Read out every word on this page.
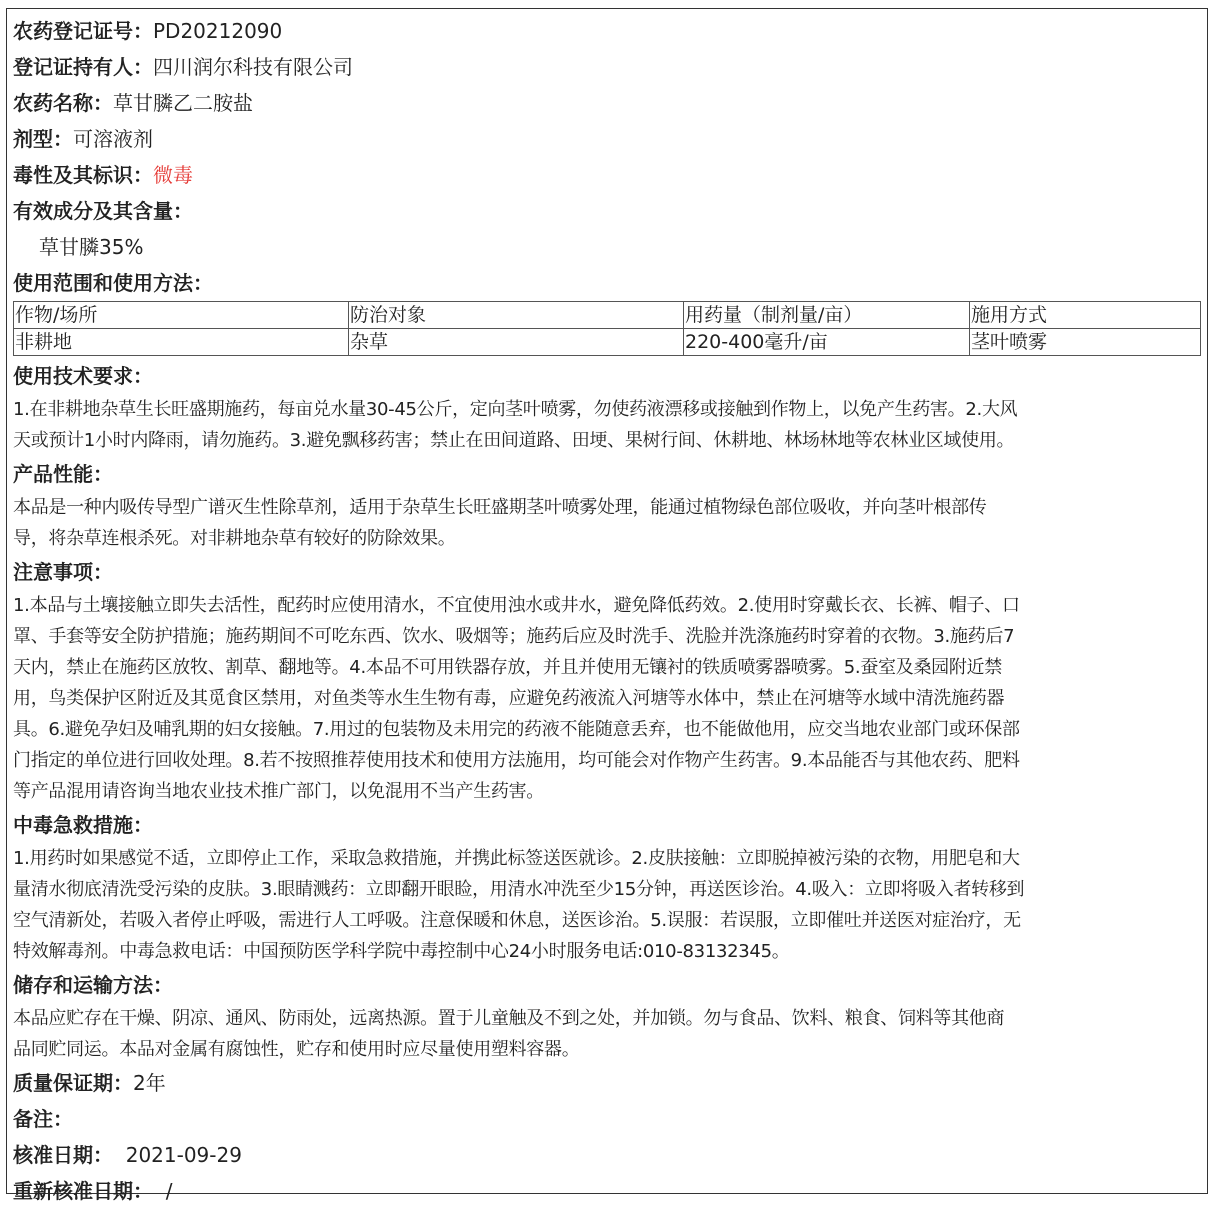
农药登记证号：PD20212090
登记证持有人：四川润尔科技有限公司
农药名称：草甘膦乙二胺盐
剂型：可溶液剂
毒性及其标识：微毒
有效成分及其含量：
草甘膦35%
使用范围和使用方法：
作物/场所	防治对象	用药量（制剂量/亩）	施用方式
非耕地	杂草	220-400毫升/亩	茎叶喷雾
使用技术要求：
1.在非耕地杂草生长旺盛期施药，每亩兑水量30-45公斤，定向茎叶喷雾，勿使药液漂移或接触到作物上，以免产生药害。2.大风
天或预计1小时内降雨，请勿施药。3.避免飘移药害；禁止在田间道路、田埂、果树行间、休耕地、林场林地等农林业区域使用。
产品性能：
本品是一种内吸传导型广谱灭生性除草剂，适用于杂草生长旺盛期茎叶喷雾处理，能通过植物绿色部位吸收，并向茎叶根部传
导，将杂草连根杀死。对非耕地杂草有较好的防除效果。
注意事项：
1.本品与土壤接触立即失去活性，配药时应使用清水，不宜使用浊水或井水，避免降低药效。2.使用时穿戴长衣、长裤、帽子、口
罩、手套等安全防护措施；施药期间不可吃东西、饮水、吸烟等；施药后应及时洗手、洗脸并洗涤施药时穿着的衣物。3.施药后7
天内，禁止在施药区放牧、割草、翻地等。4.本品不可用铁器存放，并且并使用无镶衬的铁质喷雾器喷雾。5.蚕室及桑园附近禁
用，鸟类保护区附近及其觅食区禁用，对鱼类等水生生物有毒，应避免药液流入河塘等水体中，禁止在河塘等水域中清洗施药器
具。6.避免孕妇及哺乳期的妇女接触。7.用过的包装物及未用完的药液不能随意丢弃，也不能做他用，应交当地农业部门或环保部
门指定的单位进行回收处理。8.若不按照推荐使用技术和使用方法施用，均可能会对作物产生药害。9.本品能否与其他农药、肥料
等产品混用请咨询当地农业技术推广部门，以免混用不当产生药害。
中毒急救措施：
1.用药时如果感觉不适，立即停止工作，采取急救措施，并携此标签送医就诊。2.皮肤接触：立即脱掉被污染的衣物，用肥皂和大
量清水彻底清洗受污染的皮肤。3.眼睛溅药：立即翻开眼睑，用清水冲洗至少15分钟，再送医诊治。4.吸入：立即将吸入者转移到
空气清新处，若吸入者停止呼吸，需进行人工呼吸。注意保暖和休息，送医诊治。5.误服：若误服，立即催吐并送医对症治疗，无
特效解毒剂。中毒急救电话：中国预防医学科学院中毒控制中心24小时服务电话:010-83132345。
储存和运输方法：
本品应贮存在干燥、阴凉、通风、防雨处，远离热源。置于儿童触及不到之处，并加锁。勿与食品、饮料、粮食、饲料等其他商
品同贮同运。本品对金属有腐蚀性，贮存和使用时应尽量使用塑料容器。
质量保证期：2年
备注：
核准日期： 2021-09-29
重新核准日期： /
